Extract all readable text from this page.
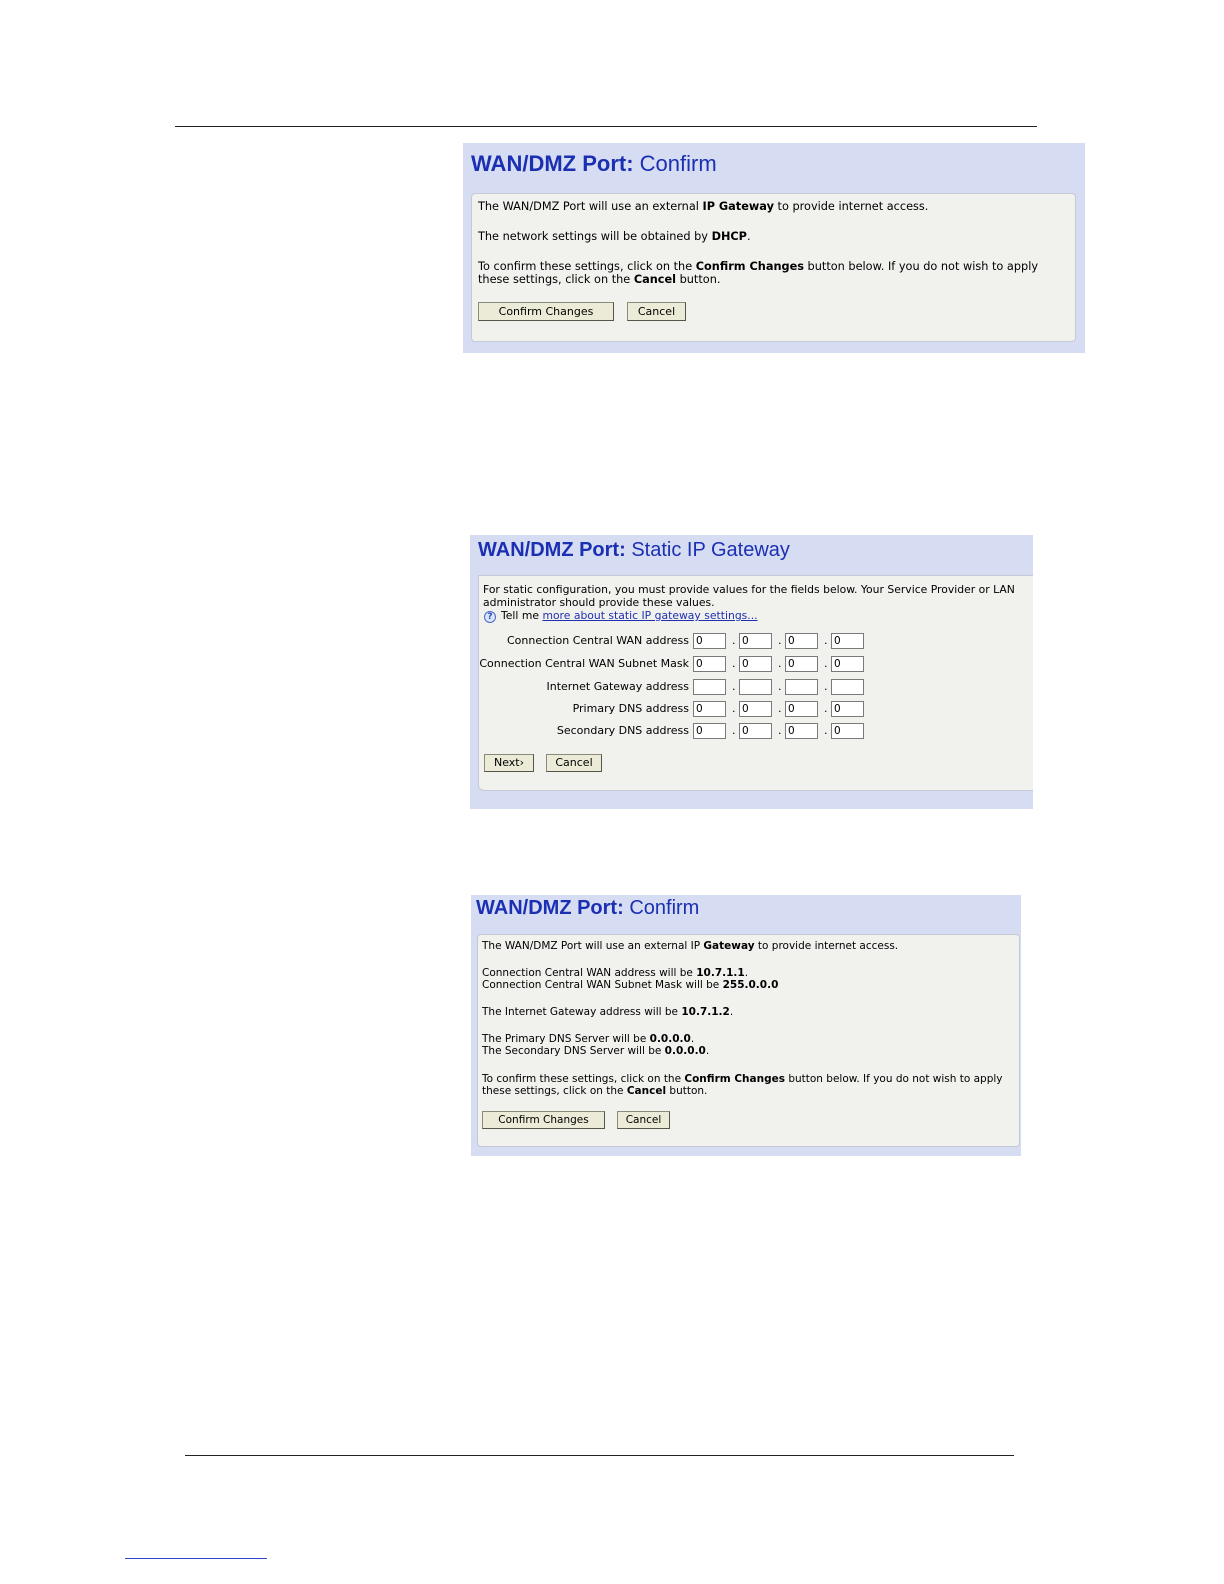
WAN/DMZ Port: Confirm
The WAN/DMZ Port will use an external IP Gateway to provide internet access.
The network settings will be obtained by DHCP.
To confirm these settings, click on the Confirm Changes button below. If you do not wish to apply
these settings, click on the Cancel button.
Confirm Changes	Cancel
WAN/DMZ Port: Static IP Gateway
For static configuration, you must provide values for the fields below. Your Service Provider or LAN
administrator should provide these values.
? Tell me more about static IP gateway settings...
Connection Central WAN address 0	. 0	. 0	. 0
Connection Central WAN Subnet Mask 0	. 0	. 0	. 0
Internet Gateway address	.	.	.
Primary DNS address 0	. 0	. 0	. 0
Secondary DNS address 0	. 0	. 0	. 0
Next›	Cancel
WAN/DMZ Port: Confirm
The WAN/DMZ Port will use an external IP Gateway to provide internet access.
Connection Central WAN address will be 10.7.1.1.
Connection Central WAN Subnet Mask will be 255.0.0.0
The Internet Gateway address will be 10.7.1.2.
The Primary DNS Server will be 0.0.0.0.
The Secondary DNS Server will be 0.0.0.0.
To confirm these settings, click on the Confirm Changes button below. If you do not wish to apply
these settings, click on the Cancel button.
Confirm Changes	Cancel
